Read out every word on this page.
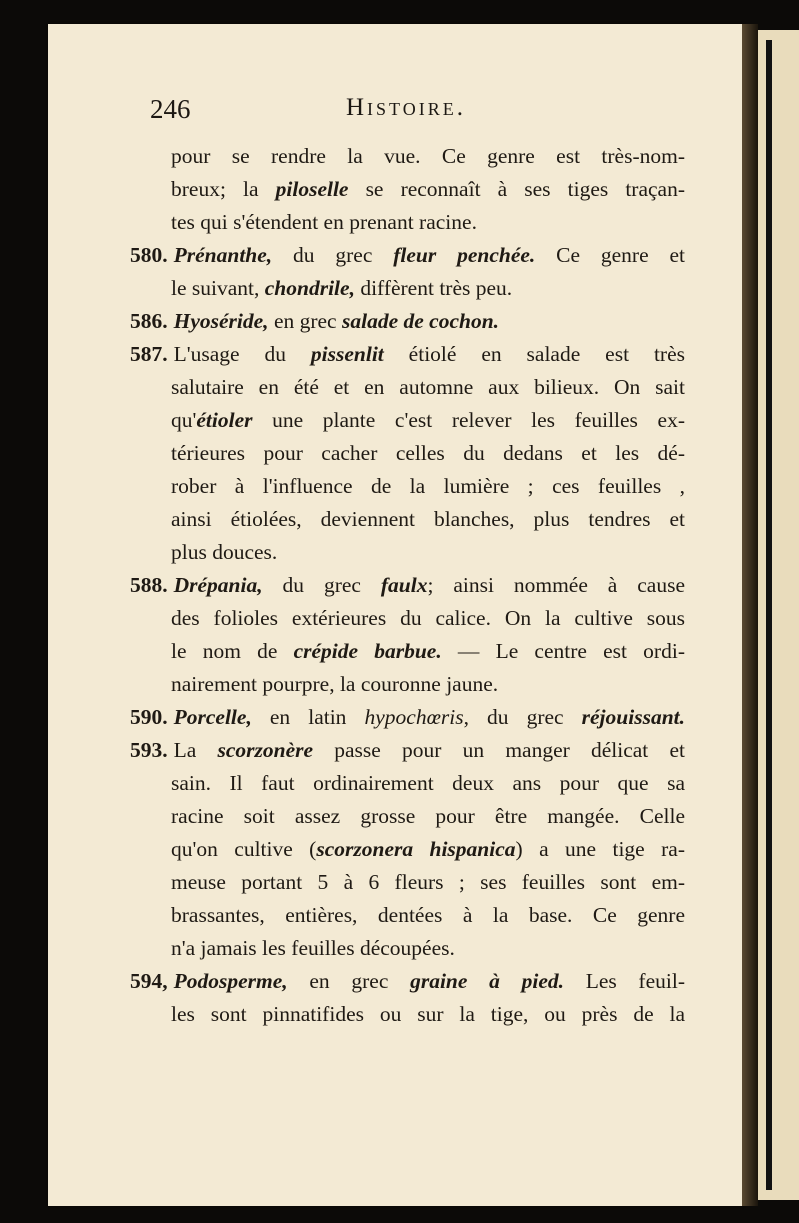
246	Histoire.
pour se rendre la vue. Ce genre est très-nom-
breux; la piloselle se reconnaît à ses tiges traçan-
tes qui s'étendent en prenant racine.
580. Prénanthe, du grec fleur penchée. Ce genre et
le suivant, chondrile, diffèrent très peu.
586. Hyoséride, en grec salade de cochon.
587. L'usage du pissenlit étiolé en salade est très
salutaire en été et en automne aux bilieux. On sait
qu'étioler une plante c'est relever les feuilles ex-
térieures pour cacher celles du dedans et les dé-
rober à l'influence de la lumière ; ces feuilles ,
ainsi étiolées, deviennent blanches, plus tendres et
plus douces.
588. Drépania, du grec faulx; ainsi nommée à cause
des folioles extérieures du calice. On la cultive sous
le nom de crépide barbue. — Le centre est ordi-
nairement pourpre, la couronne jaune.
590. Porcelle, en latin hypochœris, du grec réjouissant.
593. La scorzonère passe pour un manger délicat et
sain. Il faut ordinairement deux ans pour que sa
racine soit assez grosse pour être mangée. Celle
qu'on cultive (scorzonera hispanica) a une tige ra-
meuse portant 5 à 6 fleurs ; ses feuilles sont em-
brassantes, entières, dentées à la base. Ce genre
n'a jamais les feuilles découpées.
594, Podosperme, en grec graine à pied. Les feuil-
les sont pinnatifides ou sur la tige, ou près de la
